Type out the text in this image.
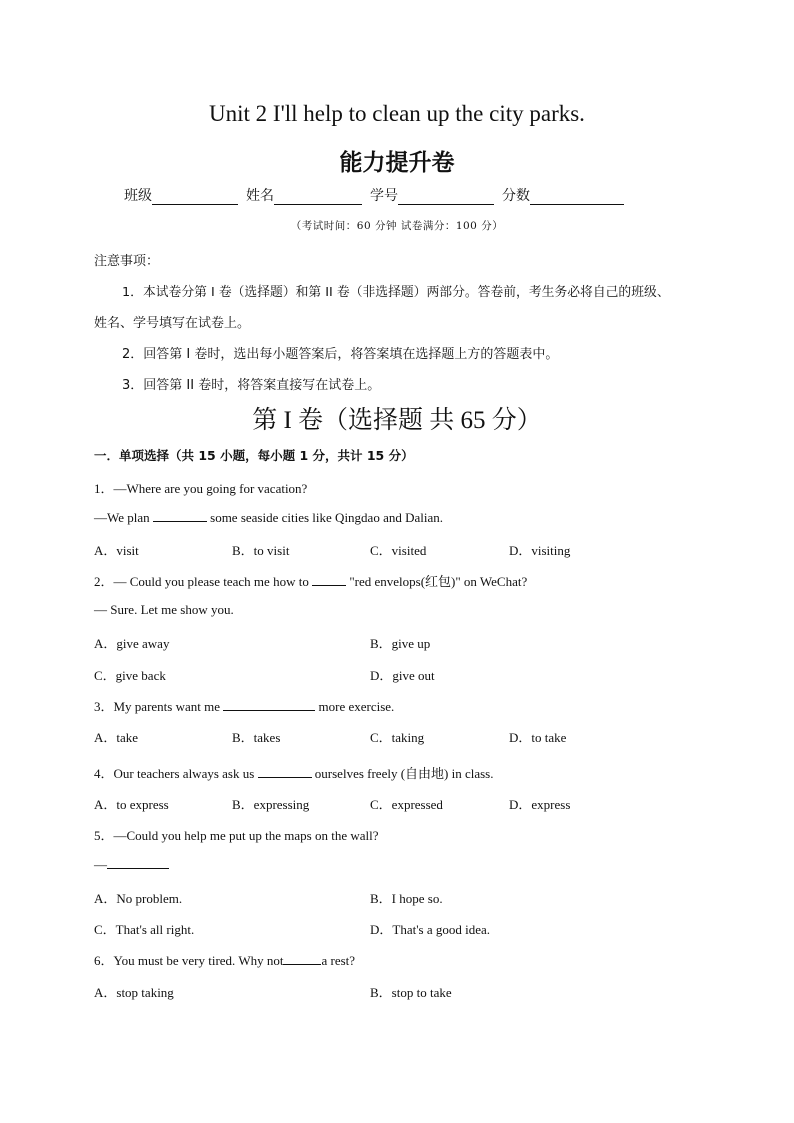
Unit 2 I'll help to clean up the city parks.
能力提升卷
班级	姓名	学号	分数
（考试时间：60 分钟 试卷满分：100 分）
注意事项：
1．本试卷分第 I 卷（选择题）和第 II 卷（非选择题）两部分。答卷前，考生务必将自己的班级、
姓名、学号填写在试卷上。
2．回答第 I 卷时，选出每小题答案后，将答案填在选择题上方的答题表中。
3．回答第 II 卷时，将答案直接写在试卷上。
第 I 卷（选择题 共 65 分）
一．单项选择（共 15 小题，每小题 1 分，共计 15 分）
1．—Where are you going for vacation?
—We plan	some seaside cities like Qingdao and Dalian.
A．visit	B．to visit	C．visited	D．visiting
2．— Could you please teach me how to	"red envelops(红包)" on WeChat?
— Sure. Let me show you.
A．give away	B．give up
C．give back	D．give out
3．My parents want me	more exercise.
A．take	B．takes	C．taking	D．to take
4．Our teachers always ask us	ourselves freely (自由地) in class.
A．to express	B．expressing	C．expressed	D．express
5．—Could you help me put up the maps on the wall?
—
A．No problem.	B．I hope so.
C．That's all right.	D．That's a good idea.
6．You must be very tired. Why not	a rest?
A．stop taking	B．stop to take
